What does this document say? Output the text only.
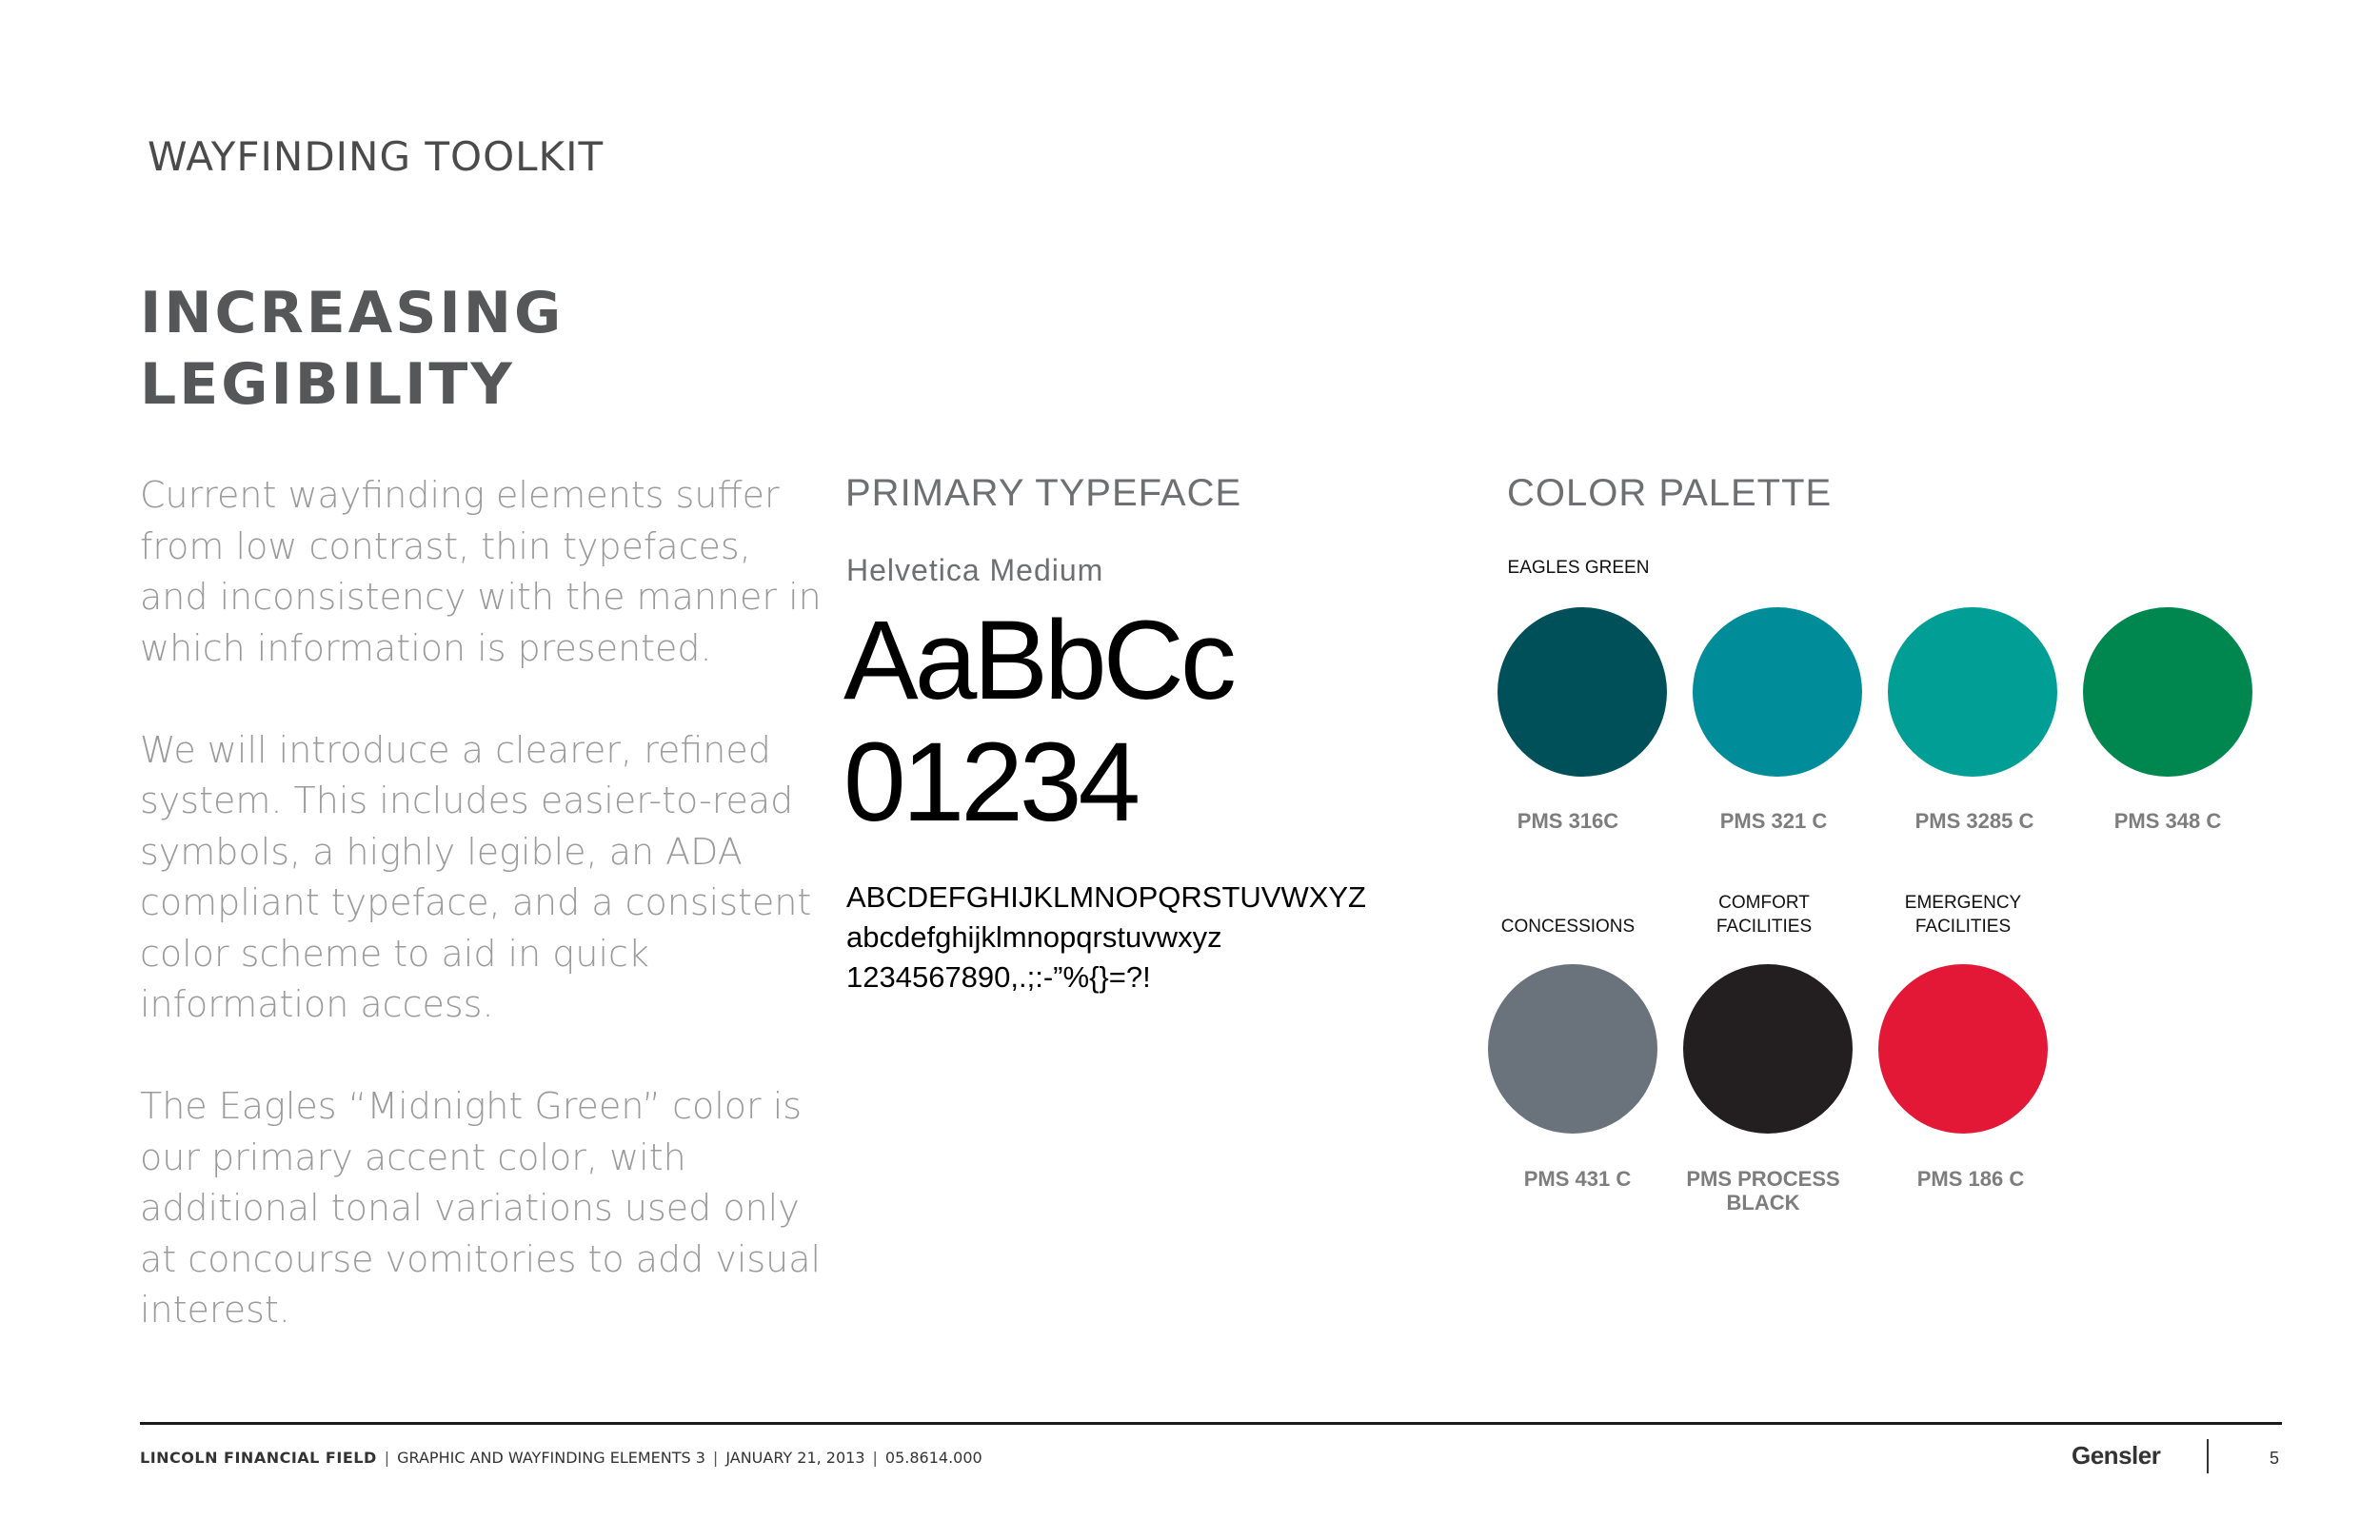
WAYFINDING TOOLKIT
INCREASING
LEGIBILITY

Current wayfinding elements suffer from low contrast, thin typefaces, and inconsistency with the manner in which information is presented.

We will introduce a clearer, refined system. This includes easier-to-read symbols, a highly legible, an ADA compliant typeface, and a consistent color scheme to aid in quick information access.

The Eagles “Midnight Green” color is our primary accent color, with additional tonal variations used only at concourse vomitories to add visual interest.

PRIMARY TYPEFACE
Helvetica Medium
AaBbCc
01234
ABCDEFGHIJKLMNOPQRSTUVWXYZ
abcdefghijklmnopqrstuvwxyz
1234567890,.;:-”%{}=?!
COLOR PALETTE
EAGLES GREEN
PMS 316C	PMS 321 C	PMS 3285 C	PMS 348 C
CONCESSIONS
COMFORT
FACILITIES
EMERGENCY
FACILITIES
PMS 431 C	PMS PROCESS
BLACK
PMS 186 C
LINCOLN FINANCIAL FIELD | GRAPHIC AND WAYFINDING ELEMENTS 3 | JANUARY 21, 2013 | 05.8614.000	Gensler	5
